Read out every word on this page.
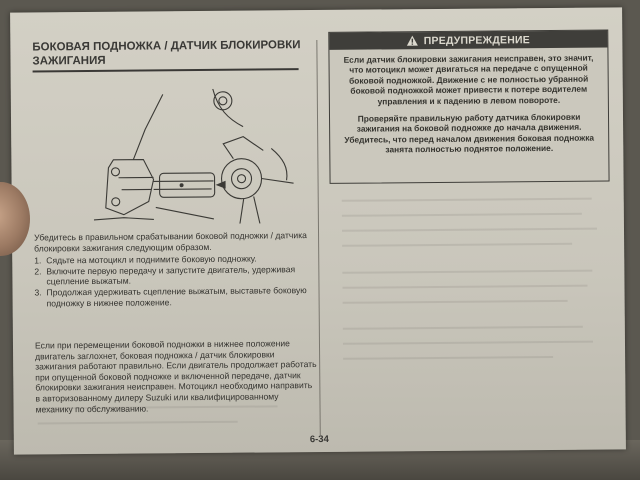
БОКОВАЯ ПОДНОЖКА / ДАТЧИК БЛОКИРОВКИ
ЗАЖИГАНИЯ

Убедитесь в правильном срабатывании боковой подножки / датчика блокировки зажигания следующим образом.

1. Сядьте на мотоцикл и поднимите боковую подножку.
2. Включите первую передачу и запустите двигатель, удерживая сцепление выжатым.
3. Продолжая удерживать сцепление выжатым, выставьте боковую подножку в нижнее положение.

Если при перемещении боковой подножки в нижнее положение двигатель заглохнет, боковая подножка / датчик блокировки зажигания работают правильно. Если двигатель продолжает работать при опущенной боковой подножке и включенной передаче, датчик блокировки зажигания неисправен. Мотоцикл необходимо направить в авторизованному дилеру Suzuki или квалифицированному механику по обслуживанию.

ПРЕДУПРЕЖДЕНИЕ

Если датчик блокировки зажигания неисправен, это значит, что мотоцикл может двигаться на передаче с опущенной боковой подножкой. Движение с не полностью убранной боковой подножкой может привести к потере водителем управления и к падению в левом повороте.

Проверяйте правильную работу датчика блокировки зажигания на боковой подножке до начала движения. Убедитесь, что перед началом движения боковая подножка занята полностью поднятое положение.

6-34
